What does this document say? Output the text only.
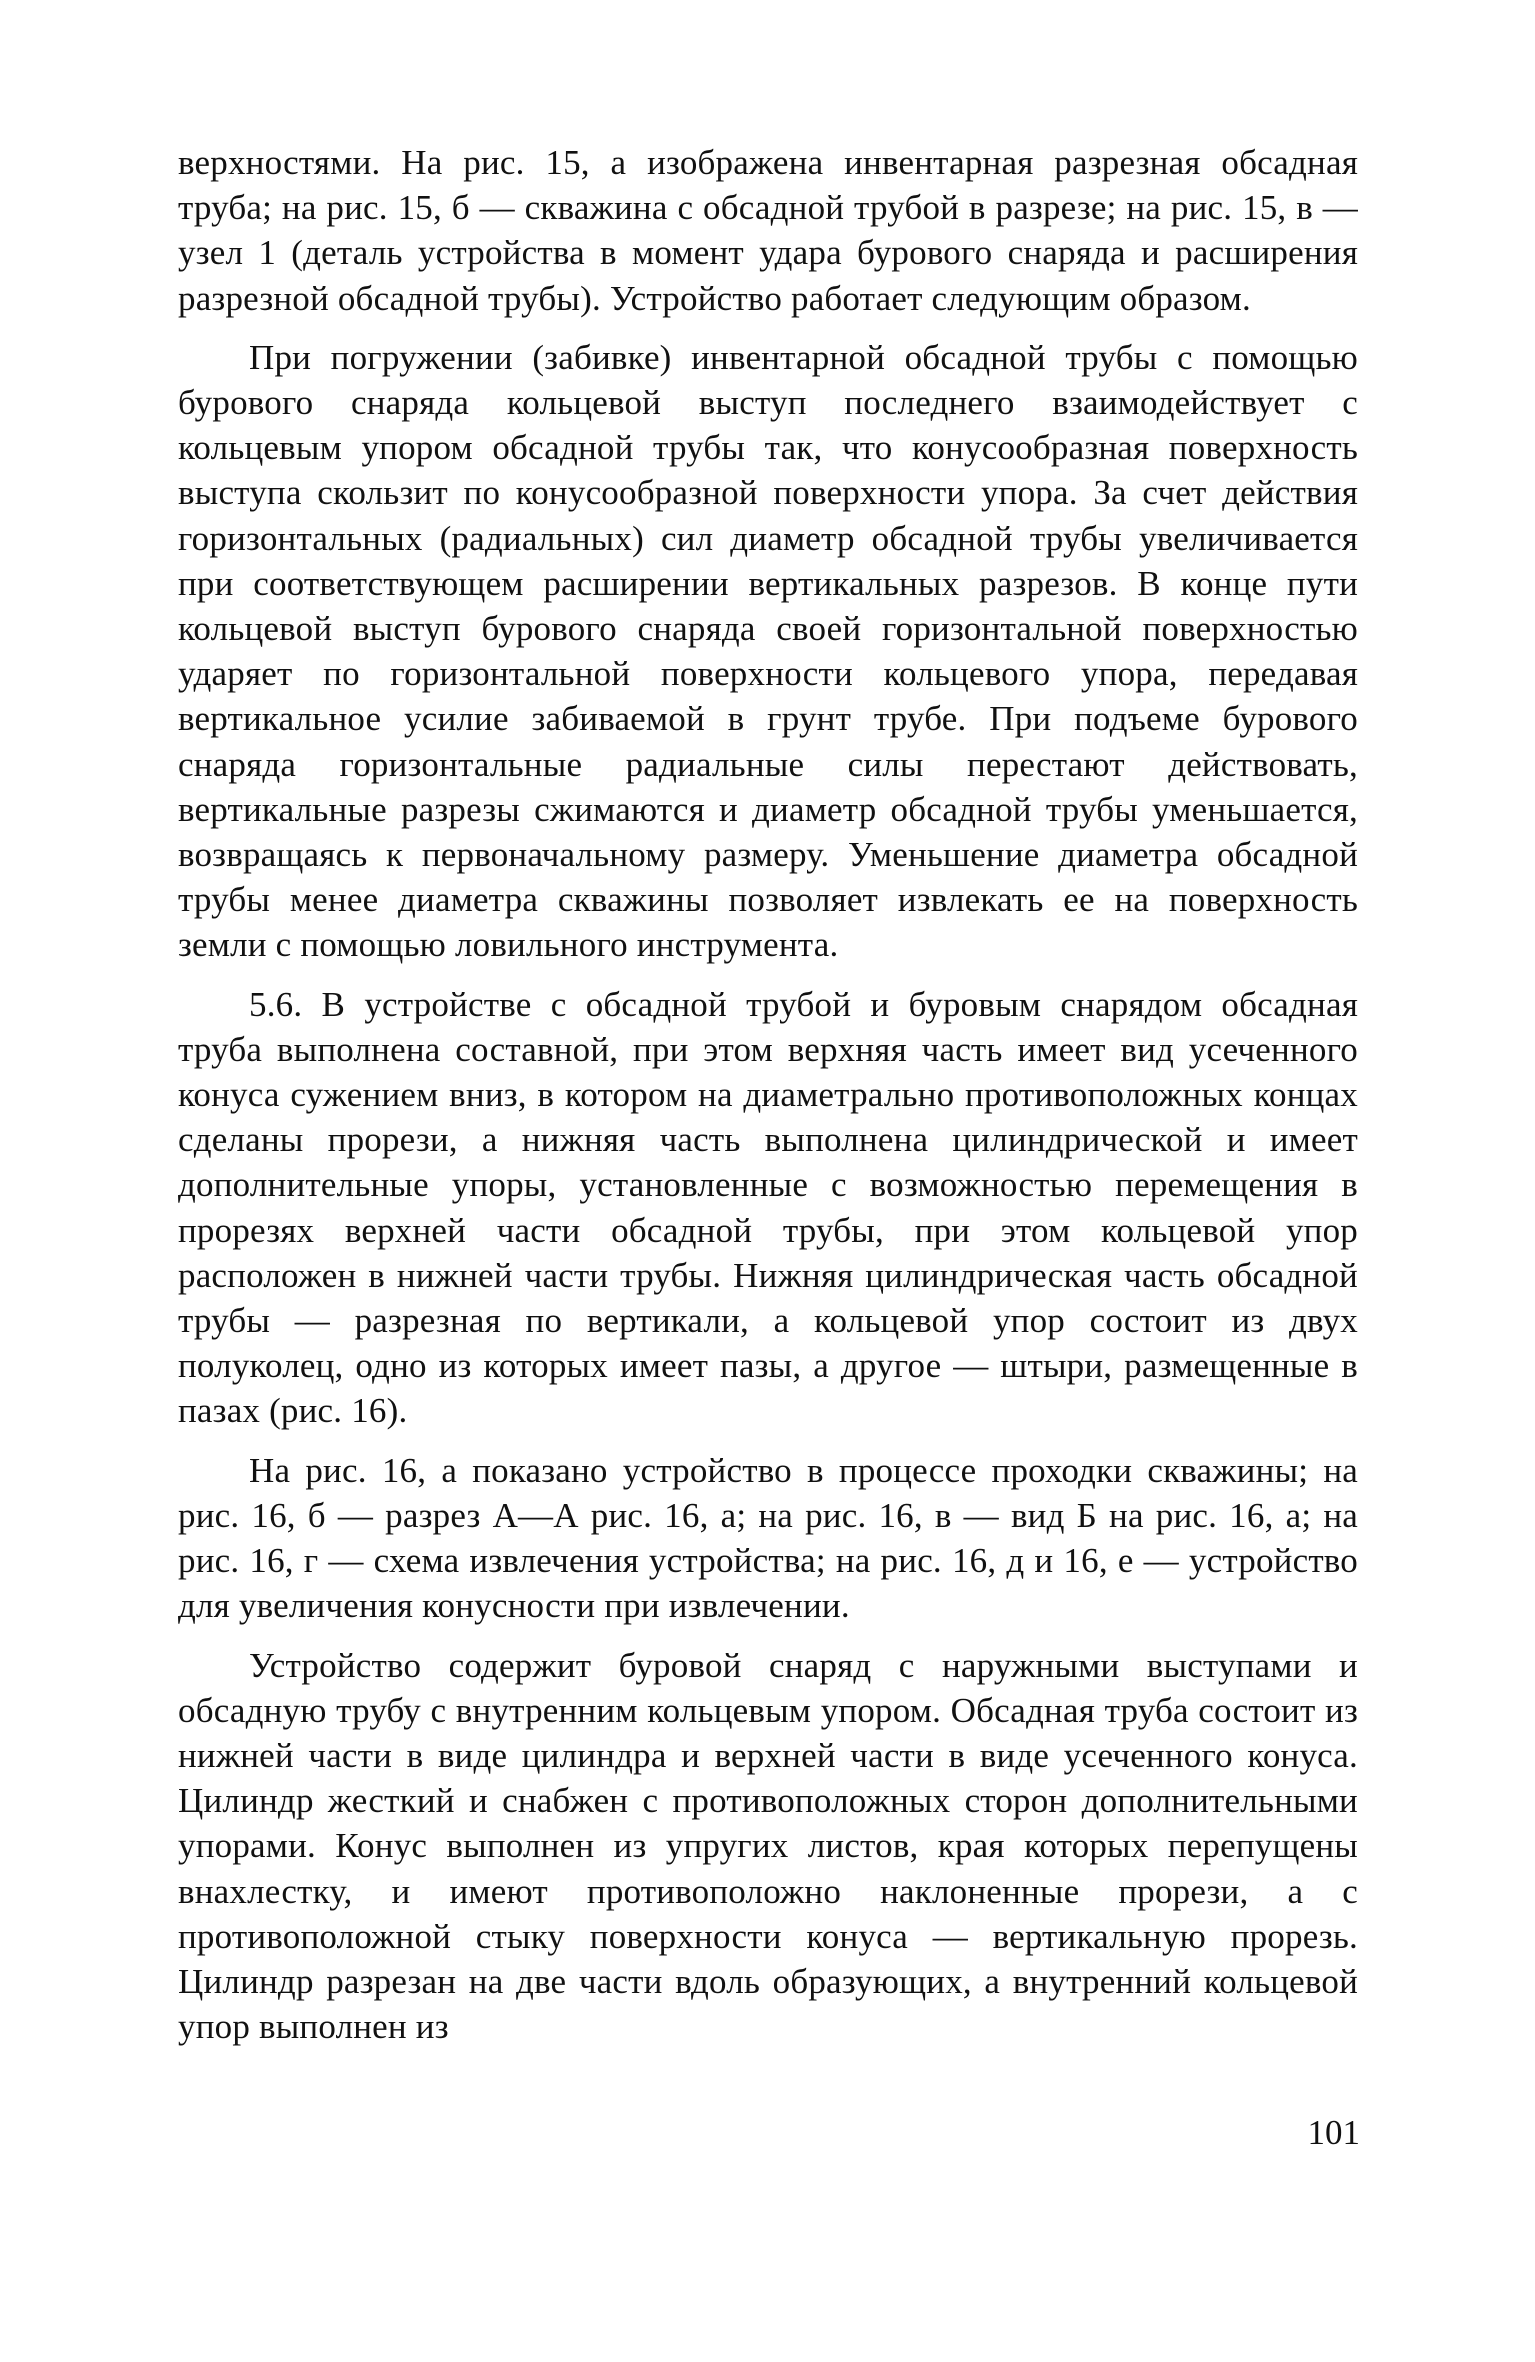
верхностями. На рис. 15, а изображена инвентарная разрезная обсадная труба; на рис. 15, б — скважина с обсадной трубой в разрезе; на рис. 15, в — узел 1 (деталь устройства в момент удара бурового снаряда и расширения разрезной обсадной трубы). Устройство работает следующим образом.

При погружении (забивке) инвентарной обсадной трубы с помощью бурового снаряда кольцевой выступ последнего взаимодействует с кольцевым упором обсадной трубы так, что конусообразная поверхность выступа скользит по конусообразной поверхности упора. За счет действия горизонтальных (радиальных) сил диаметр обсадной трубы увеличивается при соответствующем расширении вертикальных разрезов. В конце пути кольцевой выступ бурового снаряда своей горизонтальной поверхностью ударяет по горизонтальной поверхности кольцевого упора, передавая вертикальное усилие забиваемой в грунт трубе. При подъеме бурового снаряда горизонтальные радиальные силы перестают действовать, вертикальные разрезы сжимаются и диаметр обсадной трубы уменьшается, возвращаясь к первоначальному размеру. Уменьшение диаметра обсадной трубы менее диаметра скважины позволяет извлекать ее на поверхность земли с помощью ловильного инструмента.

5.6. В устройстве с обсадной трубой и буровым снарядом обсадная труба выполнена составной, при этом верхняя часть имеет вид усеченного конуса сужением вниз, в котором на диаметрально противоположных концах сделаны прорези, а нижняя часть выполнена цилиндрической и имеет дополнительные упоры, установленные с возможностью перемещения в прорезях верхней части обсадной трубы, при этом кольцевой упор расположен в нижней части трубы. Нижняя цилиндрическая часть обсадной трубы — разрезная по вертикали, а кольцевой упор состоит из двух полуколец, одно из которых имеет пазы, а другое — штыри, размещенные в пазах (рис. 16).

На рис. 16, а показано устройство в процессе проходки скважины; на рис. 16, б — разрез А—А рис. 16, а; на рис. 16, в — вид Б на рис. 16, а; на рис. 16, г — схема извлечения устройства; на рис. 16, д и 16, е — устройство для увеличения конусности при извлечении.

Устройство содержит буровой снаряд с наружными выступами и обсадную трубу с внутренним кольцевым упором. Обсадная труба состоит из нижней части в виде цилиндра и верхней части в виде усеченного конуса. Цилиндр жесткий и снабжен с противоположных сторон дополнительными упорами. Конус выполнен из упругих листов, края которых перепущены внахлестку, и имеют противоположно наклоненные прорези, а с противоположной стыку поверхности конуса — вертикальную прорезь. Цилиндр разрезан на две части вдоль образующих, а внутренний кольцевой упор выполнен из

101
